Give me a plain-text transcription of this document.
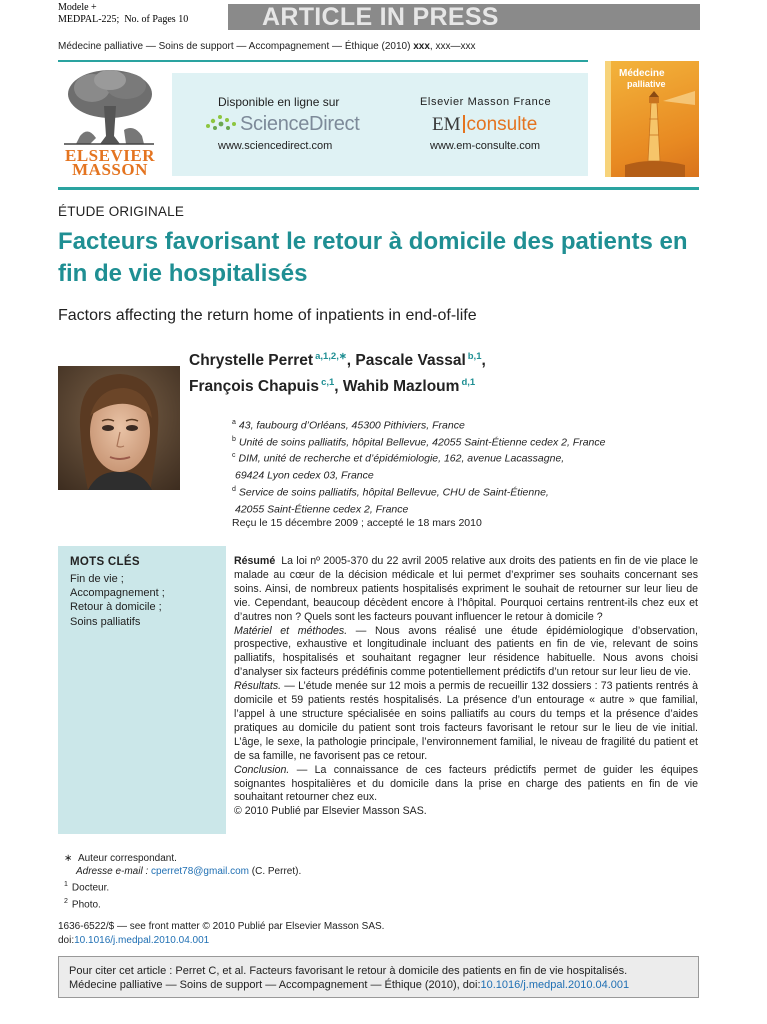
Modele +
MEDPAL-225; No. of Pages 10	ARTICLE IN PRESS
Médecine palliative — Soins de support — Accompagnement — Éthique (2010) xxx, xxx—xxx
ELSEVIER
MASSON
Disponible en ligne sur
ScienceDirect
www.sciencedirect.com
Elsevier Masson France
EM consulte
www.em-consulte.com
Médecine
palliative
ÉTUDE ORIGINALE
Facteurs favorisant le retour à domicile des patients en fin de vie hospitalisés
Factors affecting the return home of inpatients in end-of-life
Chrystelle Perret $^{a,1,2,∗}$, Pascale Vassal $^{b,1}$,
François Chapuis $^{c,1}$, Wahib Mazloum $^{d,1}$
$^a$ 43, faubourg d’Orléans, 45300 Pithiviers, France
$^b$ Unité de soins palliatifs, hôpital Bellevue, 42055 Saint-Étienne cedex 2, France
$^c$ DIM, unité de recherche et d’épidémiologie, 162, avenue Lacassagne,
69424 Lyon cedex 03, France
$^d$ Service de soins palliatifs, hôpital Bellevue, CHU de Saint-Étienne,
42055 Saint-Étienne cedex 2, France
Reçu le 15 décembre 2009 ; accepté le 18 mars 2010
MOTS CLÉS
Fin de vie ;
Accompagnement ;
Retour à domicile ;
Soins palliatifs

Résumé La loi nº 2005-370 du 22 avril 2005 relative aux droits des patients en fin de vie place le malade au cœur de la décision médicale et lui permet d’exprimer ses souhaits concernant ses soins. Ainsi, de nombreux patients hospitalisés expriment le souhait de retourner sur leur lieu de vie. Cependant, beaucoup décèdent encore à l’hôpital. Pourquoi certains rentrent-ils chez eux et d’autres non ? Quels sont les facteurs pouvant influencer le retour à domicile ?

Matériel et méthodes. — Nous avons réalisé une étude épidémiologique d’observation, prospective, exhaustive et longitudinale incluant des patients en fin de vie, relevant de soins palliatifs, hospitalisés et souhaitant regagner leur résidence habituelle. Nous avons choisi d’analyser six facteurs prédéfinis comme potentiellement prédictifs d’un retour sur leur lieu de vie.

Résultats. — L’étude menée sur 12 mois a permis de recueillir 132 dossiers : 73 patients rentrés à domicile et 59 patients restés hospitalisés. La présence d’un entourage « autre » que familial, l’appel à une structure spécialisée en soins palliatifs au cours du temps et la présence d’aides pratiques au domicile du patient sont trois facteurs favorisant le retour sur le lieu de vie initial. L’âge, le sexe, la pathologie principale, l’environnement familial, le niveau de fragilité du patient et de sa famille, ne favorisent pas ce retour.

Conclusion. — La connaissance de ces facteurs prédictifs permet de guider les équipes soignantes hospitalières et du domicile dans la prise en charge des patients en fin de vie souhaitant retourner chez eux.

© 2010 Publié par Elsevier Masson SAS.

∗  Auteur correspondant.
Adresse e-mail : cperret78@gmail.com (C. Perret).
$^1$ Docteur.
$^2$ Photo.
1636-6522/$ — see front matter © 2010 Publié par Elsevier Masson SAS.
doi:10.1016/j.medpal.2010.04.001
Pour citer cet article : Perret C, et al. Facteurs favorisant le retour à domicile des patients en fin de vie hospitalisés.
Médecine palliative — Soins de support — Accompagnement — Éthique (2010), doi:10.1016/j.medpal.2010.04.001
